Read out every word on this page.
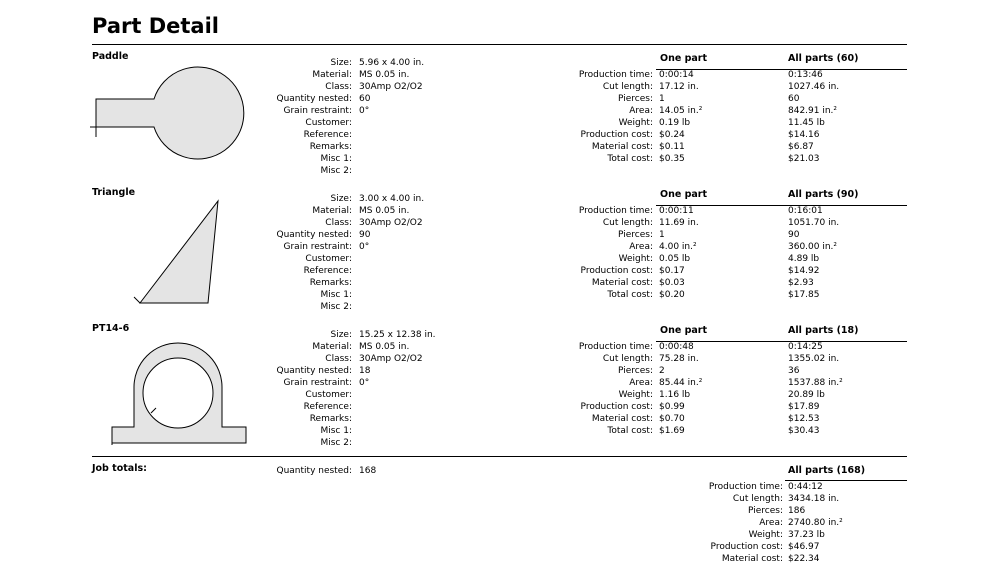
Part Detail
Paddle
Size: 5.96 x 4.00 in.
Material: MS 0.05 in.
Class: 30Amp O2/O2
Quantity nested: 60
Grain restraint: 0°
Customer:
Reference:
Remarks:
Misc 1:
Misc 2:
One part	All parts (60)
Production time: 0:00:14	0:13:46
Cut length: 17.12 in.	1027.46 in.
Pierces: 1	60
Area: 14.05 in.²	842.91 in.²
Weight: 0.19 lb	11.45 lb
Production cost: $0.24	$14.16
Material cost: $0.11	$6.87
Total cost: $0.35	$21.03
Triangle
Size: 3.00 x 4.00 in.
Material: MS 0.05 in.
Class: 30Amp O2/O2
Quantity nested: 90
Grain restraint: 0°
Customer:
Reference:
Remarks:
Misc 1:
Misc 2:
One part	All parts (90)
Production time: 0:00:11	0:16:01
Cut length: 11.69 in.	1051.70 in.
Pierces: 1	90
Area: 4.00 in.²	360.00 in.²
Weight: 0.05 lb	4.89 lb
Production cost: $0.17	$14.92
Material cost: $0.03	$2.93
Total cost: $0.20	$17.85
PT14-6
Size: 15.25 x 12.38 in.
Material: MS 0.05 in.
Class: 30Amp O2/O2
Quantity nested: 18
Grain restraint: 0°
Customer:
Reference:
Remarks:
Misc 1:
Misc 2:
One part	All parts (18)
Production time: 0:00:48	0:14:25
Cut length: 75.28 in.	1355.02 in.
Pierces: 2	36
Area: 85.44 in.²	1537.88 in.²
Weight: 1.16 lb	20.89 lb
Production cost: $0.99	$17.89
Material cost: $0.70	$12.53
Total cost: $1.69	$30.43
Job totals:	Quantity nested: 168	All parts (168)
Production time: 0:44:12
Cut length: 3434.18 in.
Pierces: 186
Area: 2740.80 in.²
Weight: 37.23 lb
Production cost: $46.97
Material cost: $22.34
